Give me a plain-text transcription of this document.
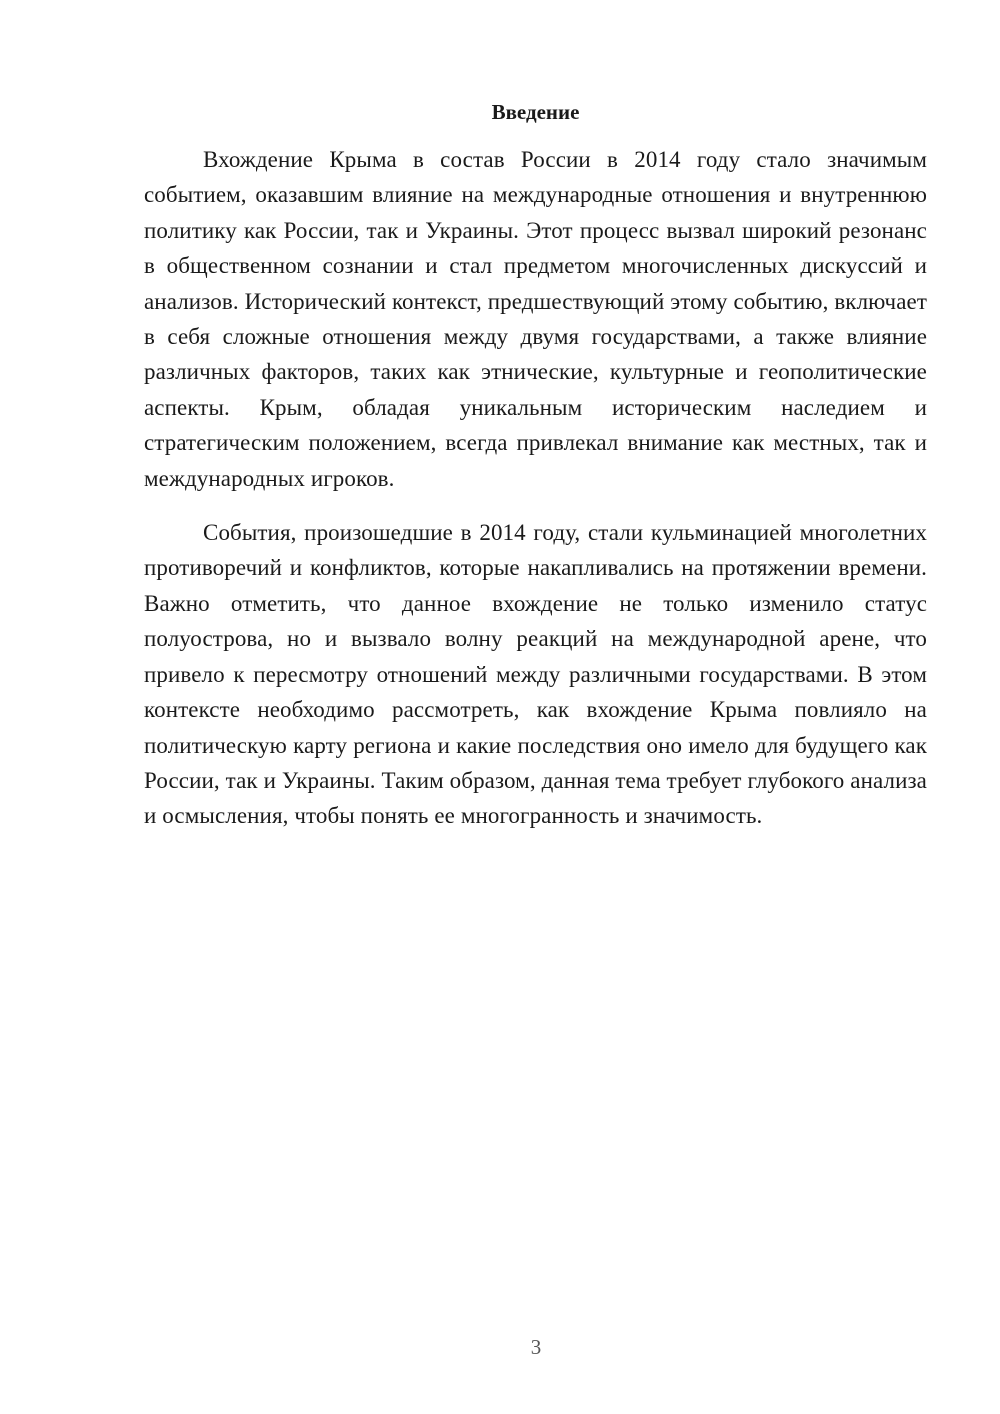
Введение

Вхождение Крыма в состав России в 2014 году стало значимым событием, оказавшим влияние на международные отношения и внутреннюю политику как России, так и Украины. Этот процесс вызвал широкий резонанс в общественном сознании и стал предметом многочисленных дискуссий и анализов. Исторический контекст, предшествующий этому событию, включает в себя сложные отношения между двумя государствами, а также влияние различных факторов, таких как этнические, культурные и геополитические аспекты. Крым, обладая уникальным историческим наследием и стратегическим положением, всегда привлекал внимание как местных, так и международных игроков.

События, произошедшие в 2014 году, стали кульминацией многолетних противоречий и конфликтов, которые накапливались на протяжении времени. Важно отметить, что данное вхождение не только изменило статус полуострова, но и вызвало волну реакций на международной арене, что привело к пересмотру отношений между различными государствами. В этом контексте необходимо рассмотреть, как вхождение Крыма повлияло на политическую карту региона и какие последствия оно имело для будущего как России, так и Украины. Таким образом, данная тема требует глубокого анализа и осмысления, чтобы понять ее многогранность и значимость.

3
